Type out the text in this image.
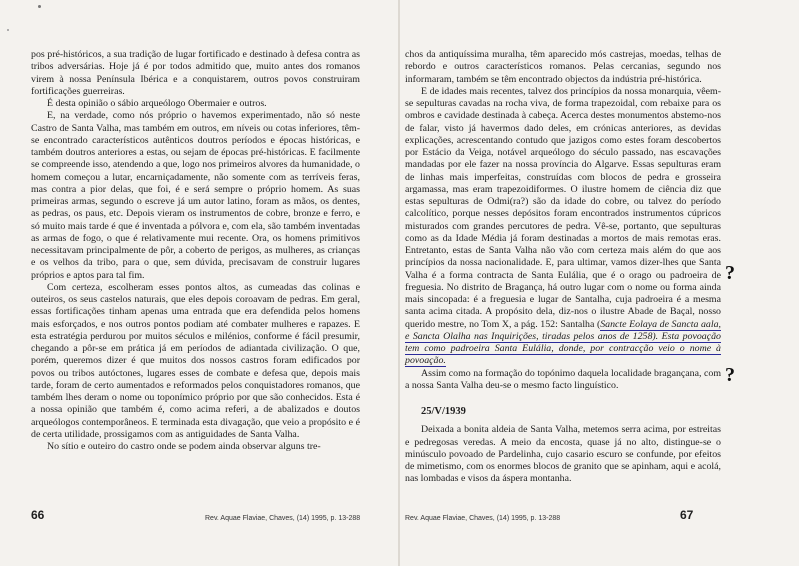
pos pré-históricos, a sua tradição de lugar fortificado e destinado à defesa contra as tribos adversárias. Hoje já é por todos admitido que, muito antes dos romanos virem à nossa Península Ibérica e a conquistarem, outros povos construiram fortificações guerreiras.

É desta opinião o sábio arqueólogo Obermaier e outros.

E, na verdade, como nós próprio o havemos experimentado, não só neste Castro de Santa Valha, mas também em outros, em níveis ou cotas inferiores, têm-se encontrado característicos autênticos doutros períodos e épocas históricas, e também doutros anteriores a estas, ou sejam de épocas pré-históricas. E facilmente se compreende isso, atendendo a que, logo nos primeiros alvores da humanidade, o homem começou a lutar, encarniçadamente, não somente com as terríveis feras, mas contra a pior delas, que foi, é e será sempre o próprio homem. As suas primeiras armas, segundo o escreve já um autor latino, foram as mãos, os dentes, as pedras, os paus, etc. Depois vieram os instrumentos de cobre, bronze e ferro, e só muito mais tarde é que é inventada a pólvora e, com ela, são também inventadas as armas de fogo, o que é relativamente mui recente. Ora, os homens primitivos necessitavam principalmente de pôr, a coberto de perigos, as mulheres, as crianças e os velhos da tribo, para o que, sem dúvida, precisavam de construir lugares próprios e aptos para tal fim.

Com certeza, escolheram esses pontos altos, as cumeadas das colinas e outeiros, os seus castelos naturais, que eles depois coroavam de pedras. Em geral, essas fortificações tinham apenas uma entrada que era defendida pelos homens mais esforçados, e nos outros pontos podiam até combater mulheres e rapazes. E esta estratégia perdurou por muitos séculos e milénios, conforme é fácil presumir, chegando a pôr-se em prática já em períodos de adiantada civilização. O que, porém, queremos dizer é que muitos dos nossos castros foram edificados por povos ou tribos autóctones, lugares esses de combate e defesa que, depois mais tarde, foram de certo aumentados e reformados pelos conquistadores romanos, que também lhes deram o nome ou toponímico próprio por que são conhecidos. Esta é a nossa opinião que também é, como acima referi, a de abalizados e doutos arqueólogos contemporâneos. E terminada esta divagação, que veio a propósito e é de certa utilidade, prossigamos com as antiguidades de Santa Valha.

No sítio e outeiro do castro onde se podem ainda observar alguns tre-

66	Rev. Aquae Flaviae, Chaves, (14) 1995, p. 13-288

chos da antiquíssima muralha, têm aparecido mós castrejas, moedas, telhas de rebordo e outros característicos romanos. Pelas cercanias, segundo nos informaram, também se têm encontrado objectos da indústria pré-histórica.

E de idades mais recentes, talvez dos princípios da nossa monarquia, vêem-se sepulturas cavadas na rocha viva, de forma trapezoidal, com rebaixe para os ombros e cavidade destinada à cabeça. Acerca destes monumentos abstemo-nos de falar, visto já havermos dado deles, em crónicas anteriores, as devidas explicações, acrescentando contudo que jazigos como estes foram descobertos por Estácio da Veiga, notável arqueólogo do século passado, nas escavações mandadas por ele fazer na nossa província do Algarve. Essas sepulturas eram de linhas mais imperfeitas, construídas com blocos de pedra e grosseira argamassa, mas eram trapezoidiformes. O ilustre homem de ciência diz que estas sepulturas de Odmi(ra?) são da idade do cobre, ou talvez do período calcolítico, porque nesses depósitos foram encontrados instrumentos cúpricos misturados com grandes percutores de pedra. Vê-se, portanto, que sepulturas como as da Idade Média já foram destinadas a mortos de mais remotas eras. Entretanto, estas de Santa Valha não vão com certeza mais além do que aos princípios da nossa nacionalidade. E, para ultimar, vamos dizer-lhes que Santa Valha é a forma contracta de Santa Eulália, que é o orago ou padroeira de freguesia. No distrito de Bragança, há outro lugar com o nome ou forma ainda mais sincopada: é a freguesia e lugar de Santalha, cuja padroeira é a mesma santa acima citada. A propósito dela, diz-nos o ilustre Abade de Baçal, nosso querido mestre, no Tom X, a pág. 152: Santalha (Sancte Eolaya de Sancta aala, e Sancta Olalha nas Inquirições, tiradas pelos anos de 1258). Esta povoação tem como padroeira Santa Eulália, donde, por contracção veio o nome à povoação.

Assim como na formação do topónimo daquela localidade bragançana, com a nossa Santa Valha deu-se o mesmo facto linguístico.

25/V/1939

Deixada a bonita aldeia de Santa Valha, metemos serra acima, por estreitas e pedregosas veredas. A meio da encosta, quase já no alto, distingue-se o minúsculo povoado de Pardelinha, cujo casario escuro se confunde, por efeitos de mimetismo, com os enormes blocos de granito que se apinham, aqui e acolá, nas lombadas e visos da áspera montanha.

?
?
Rev. Aquae Flaviae, Chaves, (14) 1995, p. 13-288	67
